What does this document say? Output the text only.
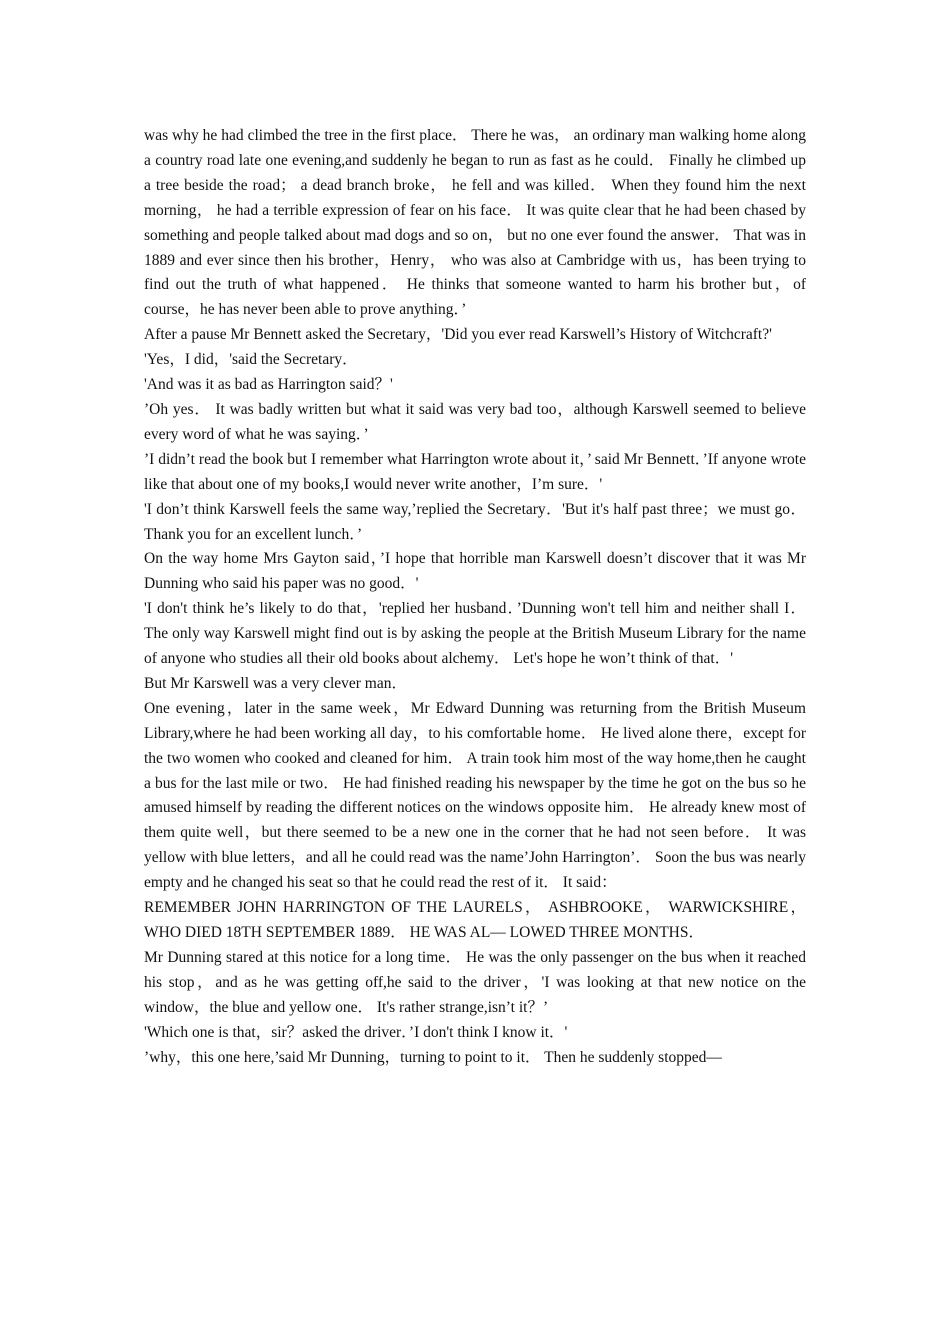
was why he had climbed the tree in the first place． There he was， an ordinary man walking home along a country road late one evening,and suddenly he began to run as fast as he could． Finally he climbed up a tree beside the road； a dead branch broke， he fell and was killed． When they found him the next morning， he had a terrible expression of fear on his face． It was quite clear that he had been chased by something and people talked about mad dogs and so on， but no one ever found the answer． That was in 1889 and ever since then his brother，Henry， who was also at Cambridge with us，has been trying to find out the truth of what happened． He thinks that someone wanted to harm his brother but，of course，he has never been able to prove anything．’

After a pause Mr Bennett asked the Secretary，'Did you ever read Karswell’s History of Witchcraft?'

'Yes，I did，'said the Secretary．

'And was it as bad as Harrington said？'

’Oh yes． It was badly written but what it said was very bad too，although Karswell seemed to believe every word of what he was saying．’

’I didn’t read the book but I remember what Harrington wrote about it，’ said Mr Bennett．’If anyone wrote like that about one of my books,I would never write another，I’m sure．'

'I don’t think Karswell feels the same way,’replied the Secretary．'But it's half past three；we must go． Thank you for an excellent lunch．’

On the way home Mrs Gayton said，’I hope that horrible man Karswell doesn’t discover that it was Mr Dunning who said his paper was no good．'

'I don't think he’s likely to do that，'replied her husband．’Dunning won't tell him and neither shall I． The only way Karswell might find out is by asking the people at the British Museum Library for the name of anyone who studies all their old books about alchemy． Let's hope he won’t think of that．'

But Mr Karswell was a very clever man．

One evening，later in the same week，Mr Edward Dunning was returning from the British Museum Library,where he had been working all day，to his comfortable home． He lived alone there，except for the two women who cooked and cleaned for him． A train took him most of the way home,then he caught a bus for the last mile or two． He had finished reading his newspaper by the time he got on the bus so he amused himself by reading the different notices on the windows opposite him． He already knew most of them quite well，but there seemed to be a new one in the corner that he had not seen before． It was yellow with blue letters，and all he could read was the name’John Harrington’． Soon the bus was nearly empty and he changed his seat so that he could read the rest of it． It said：

REMEMBER JOHN HARRINGTON OF THE LAURELS， ASHBROOKE， WARWICKSHIRE，WHO DIED 18TH SEPTEMBER 1889． HE WAS AL— LOWED THREE MONTHS．

Mr Dunning stared at this notice for a long time． He was the only passenger on the bus when it reached his stop，and as he was getting off,he said to the driver，'I was looking at that new notice on the window，the blue and yellow one． It's rather strange,isn’t it？’

'Which one is that，sir？asked the driver．’I don't think I know it．'

’why，this one here,’said Mr Dunning，turning to point to it． Then he suddenly stopped—
